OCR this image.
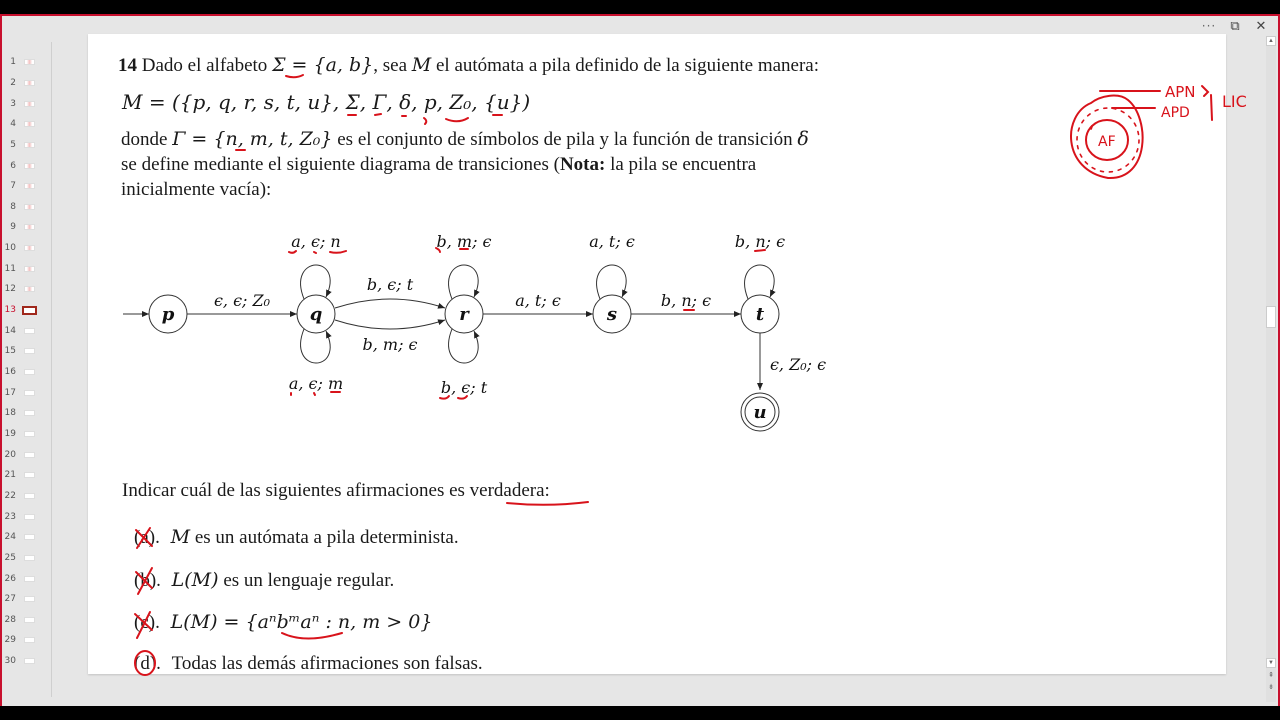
···	⧉	✕
1
2
3
4
5
6
7
8
9
10
11
12
13
14
15
16
17
18
19
20
21
22
23
24
25
26
27
28
29
30
▲
▼
⇞
⇟
14 Dado el alfabeto Σ = {a, b}, sea M el autómata a pila definido de la siguiente manera:
M = ({p, q, r, s, t, u}, Σ, Γ, δ, p, Z₀, {u})
donde Γ = {n, m, t, Z₀} es el conjunto de símbolos de pila y la función de transición δ
se define mediante el siguiente diagrama de transiciones (Nota: la pila se encuentra
inicialmente vacía):
Indicar cuál de las siguientes afirmaciones es verdadera:
(a). M es un autómata a pila determinista.
(b). L(M) es un lenguaje regular.
(c). L(M) = {aⁿbᵐaⁿ : n, m > 0}
(d). Todas las demás afirmaciones son falsas.
p	q	r	s	t
u
ϵ, ϵ; Z₀
a, ϵ; n
a, ϵ; m
b, ϵ; t
b, m; ϵ
b, m; ϵ
b, ϵ; t
a, t; ϵ
a, t; ϵ
b, n; ϵ
b, n; ϵ
ϵ, Z₀; ϵ
AF
APN
APD
LIC
